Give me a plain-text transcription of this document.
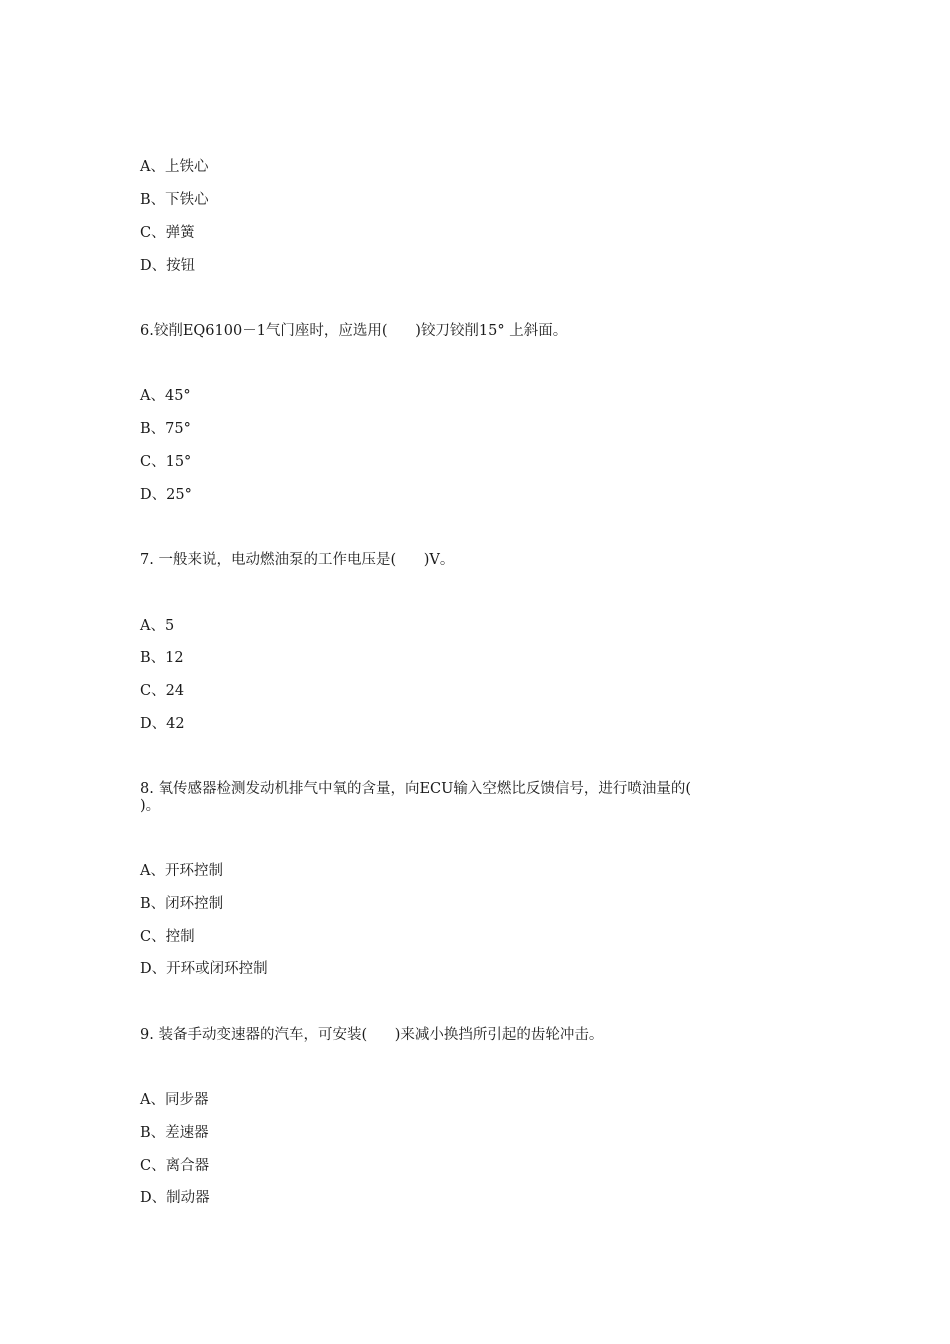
A、上铁心
B、下铁心
C、弹簧
D、按钮
6.铰削EQ6100－1气门座时，应选用(      )铰刀铰削15° 上斜面。
A、45°
B、75°
C、15°
D、25°
7. 一般来说，电动燃油泵的工作电压是(      )V。
A、5
B、12
C、24
D、42
8. 氧传感器检测发动机排气中氧的含量，向ECU输入空燃比反馈信号，进行喷油量的(
)。
A、开环控制
B、闭环控制
C、控制
D、开环或闭环控制
9. 装备手动变速器的汽车，可安装(      )来减小换挡所引起的齿轮冲击。
A、同步器
B、差速器
C、离合器
D、制动器
